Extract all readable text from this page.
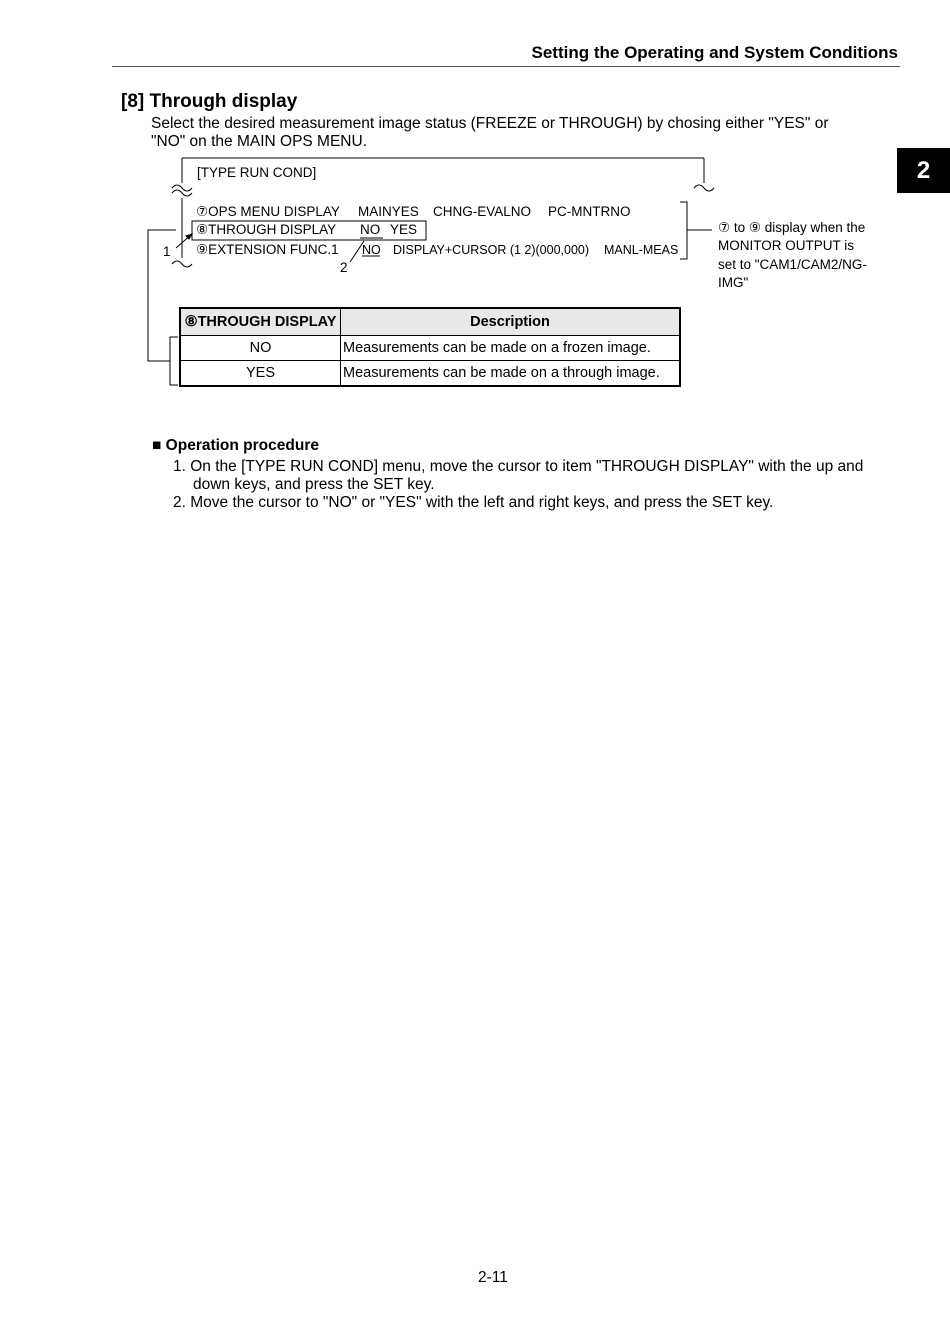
Setting the Operating and System Conditions
2
[8] Through display
Select the desired measurement image status (FREEZE or THROUGH) by chosing either "YES" or
"NO" on the MAIN OPS MENU.
[TYPE RUN COND]
⑦OPS MENU DISPLAY MAINYES CHNG-EVALNO PC-MNTRNO
⑧THROUGH DISPLAY NO YES
⑨EXTENSION FUNC.1 NO DISPLAY+CURSOR (1 2)(000,000) MANL-MEAS
1
2
⑦ to ⑨ display when the
MONITOR OUTPUT is
set to "CAM1/CAM2/NG-
IMG"
⑧THROUGH DISPLAY	Description
NO	Measurements can be made on a frozen image.
YES	Measurements can be made on a through image.
■ Operation procedure
1. On the [TYPE RUN COND] menu, move the cursor to item "THROUGH DISPLAY" with the up and
down keys, and press the SET key.
2. Move the cursor to "NO" or "YES" with the left and right keys, and press the SET key.
2-11
